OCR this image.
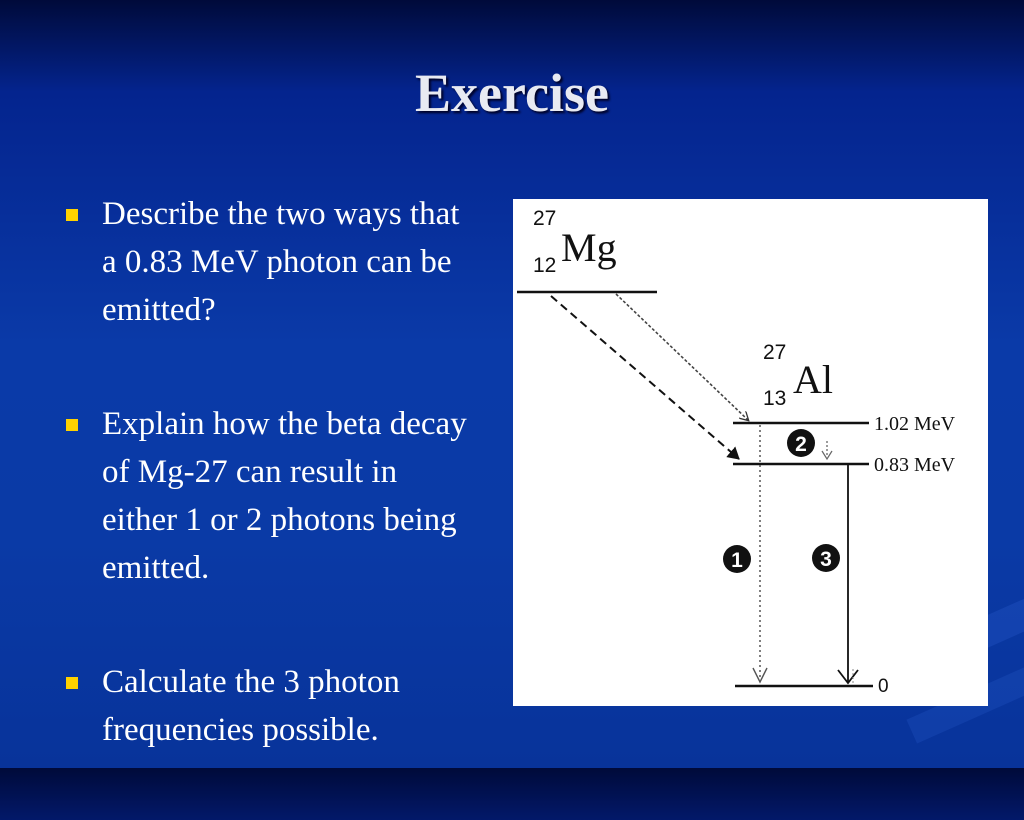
Exercise
Describe the two ways that a 0.83 MeV photon can be emitted?
Explain how the beta decay of Mg-27 can result in either 1 or 2 photons being emitted.
Calculate the 3 photon frequencies possible.
27
12 Mg
27
13 Al
1.02 MeV
0.83 MeV
0
1
2
3
